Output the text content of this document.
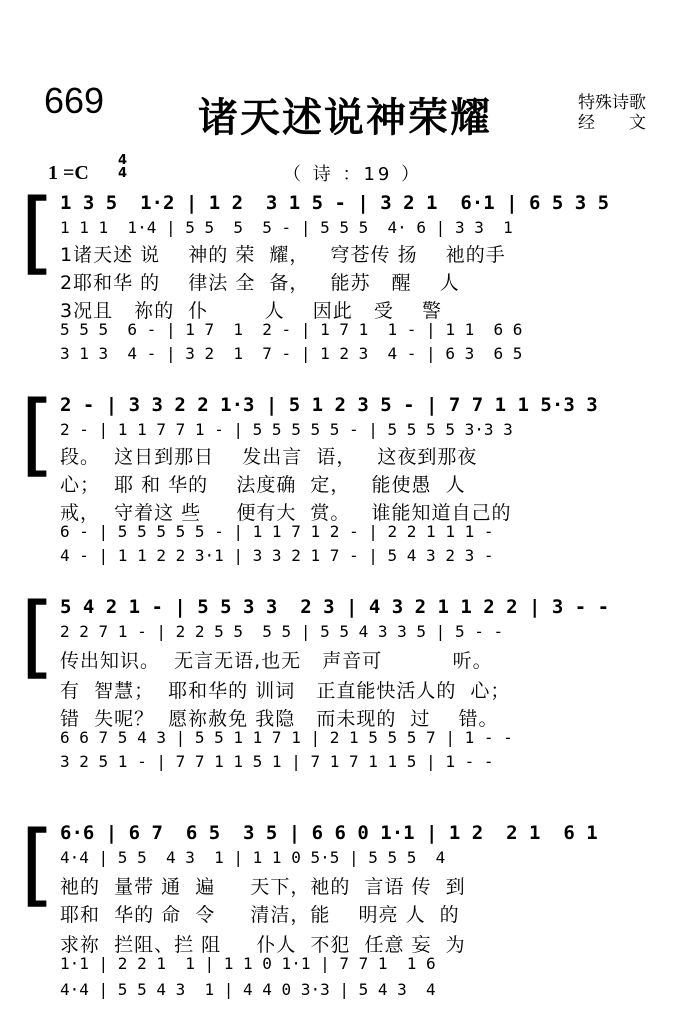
669 诸天述说神荣耀	特殊诗歌
经　　文
1 =C
4
4	（ 诗 ：19 ）
[ 1 3 5  1·2 | 1 2  3 1 5 - | 3 2 1  6·1 | 6 5 3 5
1 1 1  1·4 | 5 5  5  5 - | 5 5 5  4· 6 | 3 3  1
1诸天述 说    神的 荣  耀，   穹苍传 扬    祂的手
2耶和华 的    律法 全  备，   能苏   醒    人
3况且   祢的  仆        人    因此   受    警
5 5 5  6 - | 1 7  1  2 - | 1 7 1  1 - | 1 1  6 6
3 1 3  4 - | 3 2  1  7 - | 1 2 3  4 - | 6 3  6 5
[ 2 - | 3 3 2 2 1·3 | 5 1 2 3 5 - | 7 7 1 1 5·3 3
2 - | 1 1 7 7 1 - | 5 5 5 5 5 - | 5 5 5 5 3·3 3
段。  这日到那日    发出言  语，   这夜到那夜
心；  耶 和 华的    法度确  定，   能使愚  人
戒，  守着这 些     便有大  赏。   谁能知道自己的
6 - | 5 5 5 5 5 - | 1 1 7 1 2 - | 2 2 1 1 1 -
4 - | 1 1 2 2 3·1 | 3 3 2 1 7 - | 5 4 3 2 3 -
[ 5 4 2 1 - | 5 5 3 3  2 3 | 4 3 2 1 1 2 2 | 3 - -
2 2 7 1 - | 2 2 5 5  5 5 | 5 5 4 3 3 5 | 5 - -
传出知识。  无言无语,也无   声音可          听。
有  智慧；  耶和华的 训词   正直能快活人的  心；
错  失呢？  愿祢赦免 我隐   而未现的  过    错。
6 6 7 5 4 3 | 5 5 1 1 7 1 | 2 1 5 5 5 7 | 1 - -
3 2 5 1 - | 7 7 1 1 5 1 | 7 1 7 1 1 5 | 1 - -
[ 6·6 | 6 7  6 5  3 5 | 6 6 0 1·1 | 1 2  2 1  6 1
4·4 | 5 5  4 3  1 | 1 1 0 5·5 | 5 5 5  4
祂的  量带 通  遍     天下，祂的  言语 传  到
耶和  华的 命  令     清洁，能    明亮 人  的
求祢  拦阻、拦 阻     仆人  不犯  任意 妄  为
1·1 | 2 2 1  1 | 1 1 0 1·1 | 7 7 1  1 6
4·4 | 5 5 4 3  1 | 4 4 0 3·3 | 5 4 3  4
